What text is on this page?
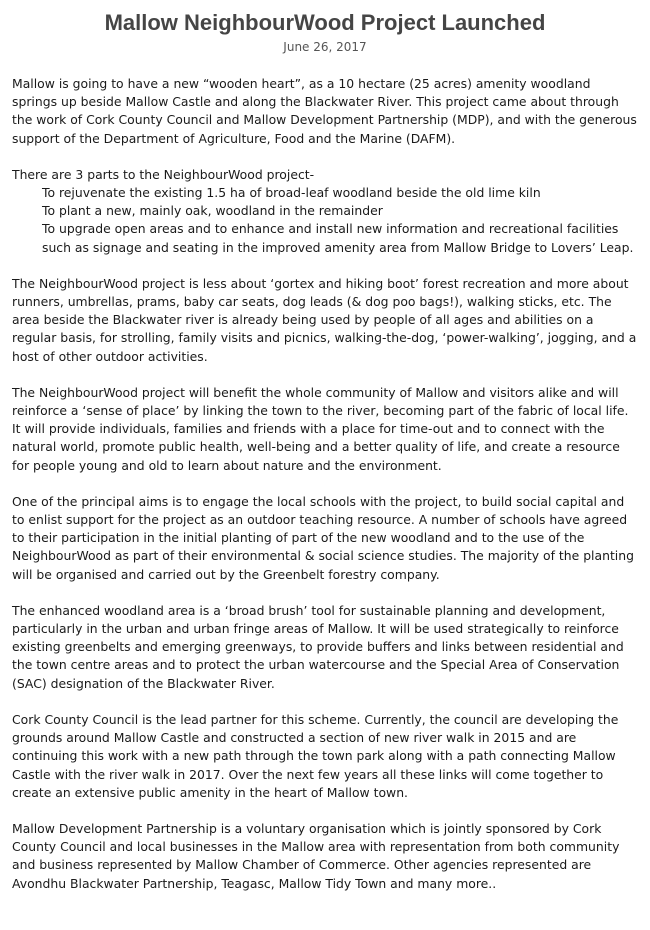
Mallow NeighbourWood Project Launched
June 26, 2017

Mallow is going to have a new “wooden heart”, as a 10 hectare (25 acres) amenity woodland springs up beside Mallow Castle and along the Blackwater River. This project came about through the work of Cork County Council and Mallow Development Partnership (MDP), and with the generous support of the Department of Agriculture, Food and the Marine (DAFM).

There are 3 parts to the NeighbourWood project-
To rejuvenate the existing 1.5 ha of broad-leaf woodland beside the old lime kiln
To plant a new, mainly oak, woodland in the remainder
To upgrade open areas and to enhance and install new information and recreational facilities such as signage and seating in the improved amenity area from Mallow Bridge to Lovers’ Leap.

The NeighbourWood project is less about ‘gortex and hiking boot’ forest recreation and more about runners, umbrellas, prams, baby car seats, dog leads (& dog poo bags!), walking sticks, etc. The area beside the Blackwater river is already being used by people of all ages and abilities on a regular basis, for strolling, family visits and picnics, walking-the-dog, ‘power-walking’, jogging, and a host of other outdoor activities.

The NeighbourWood project will benefit the whole community of Mallow and visitors alike and will reinforce a ‘sense of place’ by linking the town to the river, becoming part of the fabric of local life. It will provide individuals, families and friends with a place for time-out and to connect with the natural world, promote public health, well-being and a better quality of life, and create a resource for people young and old to learn about nature and the environment.

One of the principal aims is to engage the local schools with the project, to build social capital and to enlist support for the project as an outdoor teaching resource. A number of schools have agreed to their participation in the initial planting of part of the new woodland and to the use of the NeighbourWood as part of their environmental & social science studies. The majority of the planting will be organised and carried out by the Greenbelt forestry company.

The enhanced woodland area is a ‘broad brush’ tool for sustainable planning and development, particularly in the urban and urban fringe areas of Mallow. It will be used strategically to reinforce existing greenbelts and emerging greenways, to provide buffers and links between residential and the town centre areas and to protect the urban watercourse and the Special Area of Conservation (SAC) designation of the Blackwater River.

Cork County Council is the lead partner for this scheme. Currently, the council are developing the grounds around Mallow Castle and constructed a section of new river walk in 2015 and are continuing this work with a new path through the town park along with a path connecting Mallow Castle with the river walk in 2017. Over the next few years all these links will come together to create an extensive public amenity in the heart of Mallow town.

Mallow Development Partnership is a voluntary organisation which is jointly sponsored by Cork County Council and local businesses in the Mallow area with representation from both community and business represented by Mallow Chamber of Commerce. Other agencies represented are Avondhu Blackwater Partnership, Teagasc, Mallow Tidy Town and many more..
